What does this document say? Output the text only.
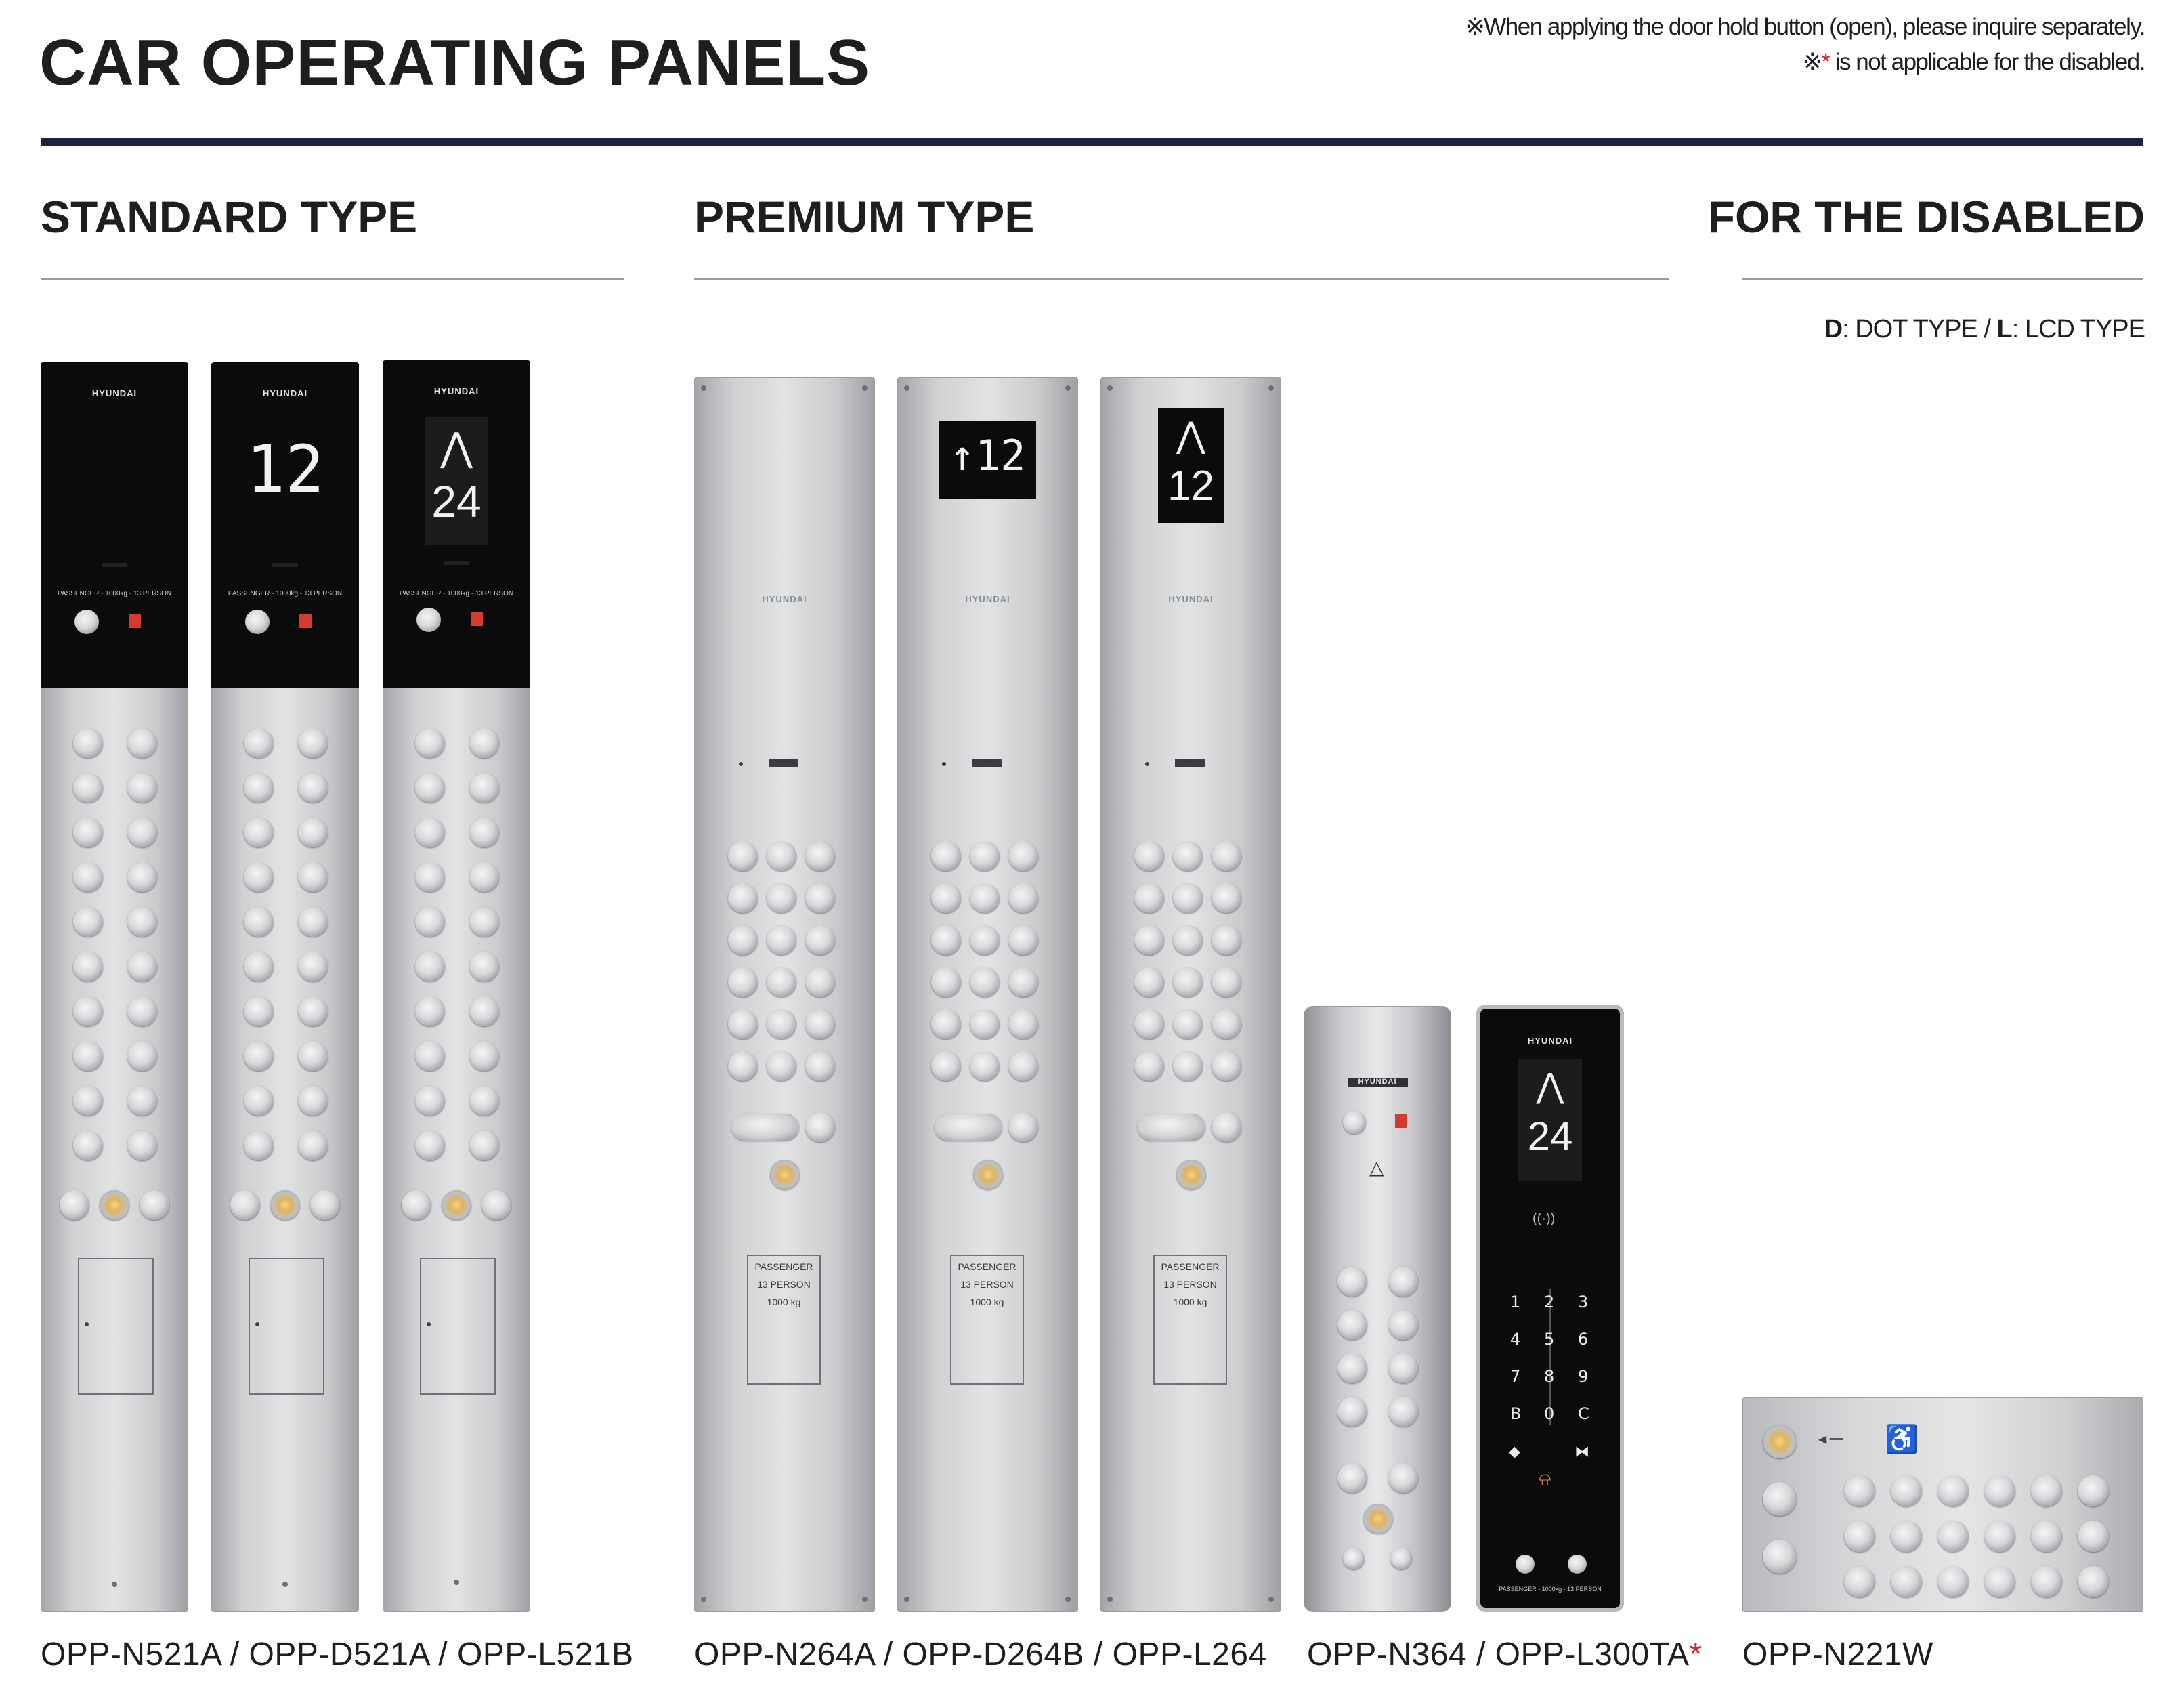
CAR OPERATING PANELS	※When applying the door hold button (open), please inquire separately.
※* is not applicable for the disabled.
STANDARD TYPE	PREMIUM TYPE	FOR THE DISABLED
D: DOT TYPE / L: LCD TYPE
HYUNDAI
PASSENGER - 1000kg - 13 PERSON
HYUNDAI
12
PASSENGER - 1000kg - 13 PERSON
HYUNDAI
⋀
24
PASSENGER - 1000kg - 13 PERSON
HYUNDAI
PASSENGER
13 PERSON
1000 kg
↑12
HYUNDAI
PASSENGER
13 PERSON
1000 kg
⋀
12
HYUNDAI
PASSENGER
13 PERSON
1000 kg
HYUNDAI
△
HYUNDAI
⋀
24
((·))
⍾
PASSENGER - 1000kg - 13 PERSON
1 2 3
4 5 6
7 8 9
B 0 C
◆	⧓
◀ ━━ ♿
OPP-N521A / OPP-D521A / OPP-L521B OPP-N264A / OPP-D264B / OPP-L264 OPP-N364 / OPP-L300TA* OPP-N221W
